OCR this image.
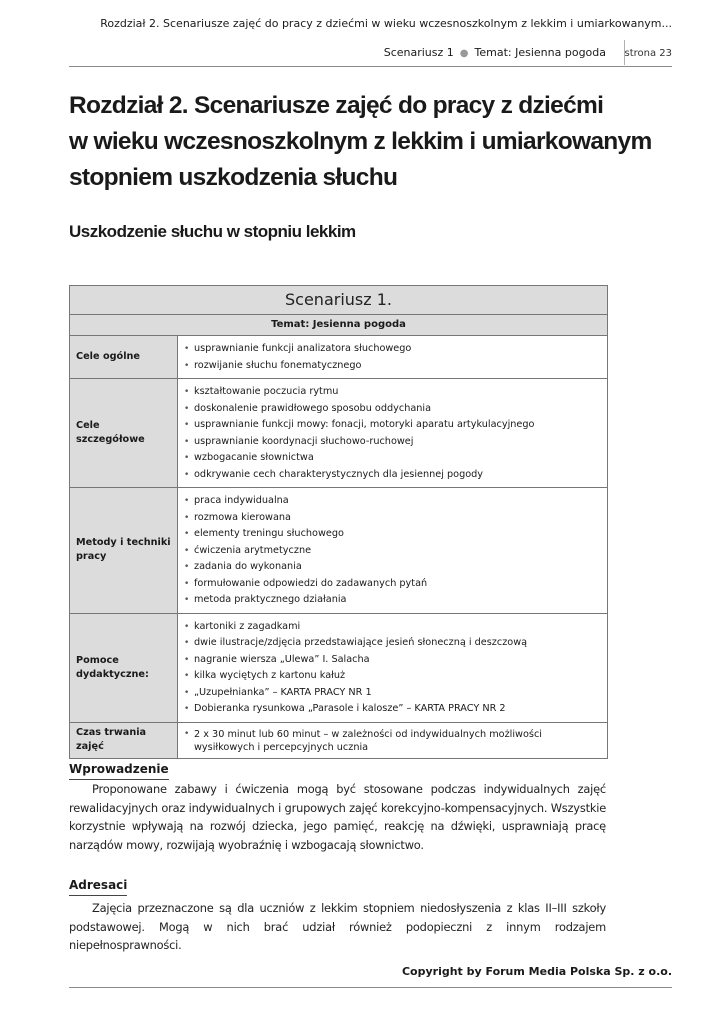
Rozdział 2. Scenariusze zajęć do pracy z dziećmi w wieku wczesnoszkolnym z lekkim i umiarkowanym...
Scenariusz 1 ● Temat: Jesienna pogoda strona 23
Rozdział 2. Scenariusze zajęć do pracy z dziećmi
w wieku wczesnoszkolnym z lekkim i umiarkowanym
stopniem uszkodzenia słuchu
Uszkodzenie słuchu w stopniu lekkim
Scenariusz 1.
Temat: Jesienna pogoda
Cele ogólne
• usprawnianie funkcji analizatora słuchowego
• rozwijanie słuchu fonematycznego
Cele szczegółowe
• kształtowanie poczucia rytmu
• doskonalenie prawidłowego sposobu oddychania
• usprawnianie funkcji mowy: fonacji, motoryki aparatu artykulacyjnego
• usprawnianie koordynacji słuchowo-ruchowej
• wzbogacanie słownictwa
• odkrywanie cech charakterystycznych dla jesiennej pogody
Metody i techniki pracy
• praca indywidualna
• rozmowa kierowana
• elementy treningu słuchowego
• ćwiczenia arytmetyczne
• zadania do wykonania
• formułowanie odpowiedzi do zadawanych pytań
• metoda praktycznego działania
Pomoce dydaktyczne:
• kartoniki z zagadkami
• dwie ilustracje/zdjęcia przedstawiające jesień słoneczną i deszczową
• nagranie wiersza „Ulewa” I. Salacha
• kilka wyciętych z kartonu kałuż
• „Uzupełnianka” – KARTA PRACY NR 1
• Dobieranka rysunkowa „Parasole i kalosze” – KARTA PRACY NR 2
Czas trwania zajęć
• 2 x 30 minut lub 60 minut – w zależności od indywidualnych możliwości wysiłkowych i percepcyjnych ucznia
Wprowadzenie

Proponowane zabawy i ćwiczenia mogą być stosowane podczas indywidualnych zajęć rewalidacyjnych oraz indywidualnych i grupowych zajęć korekcyjno-kompensacyjnych. Wszystkie korzystnie wpływają na rozwój dziecka, jego pamięć, reakcję na dźwięki, usprawniają pracę narządów mowy, rozwijają wyobraźnię i wzbogacają słownictwo.

Adresaci

Zajęcia przeznaczone są dla uczniów z lekkim stopniem niedosłyszenia z klas II–III szkoły podstawowej. Mogą w nich brać udział również podopieczni z innym rodzajem niepełnosprawności.

Copyright by Forum Media Polska Sp. z o.o.
